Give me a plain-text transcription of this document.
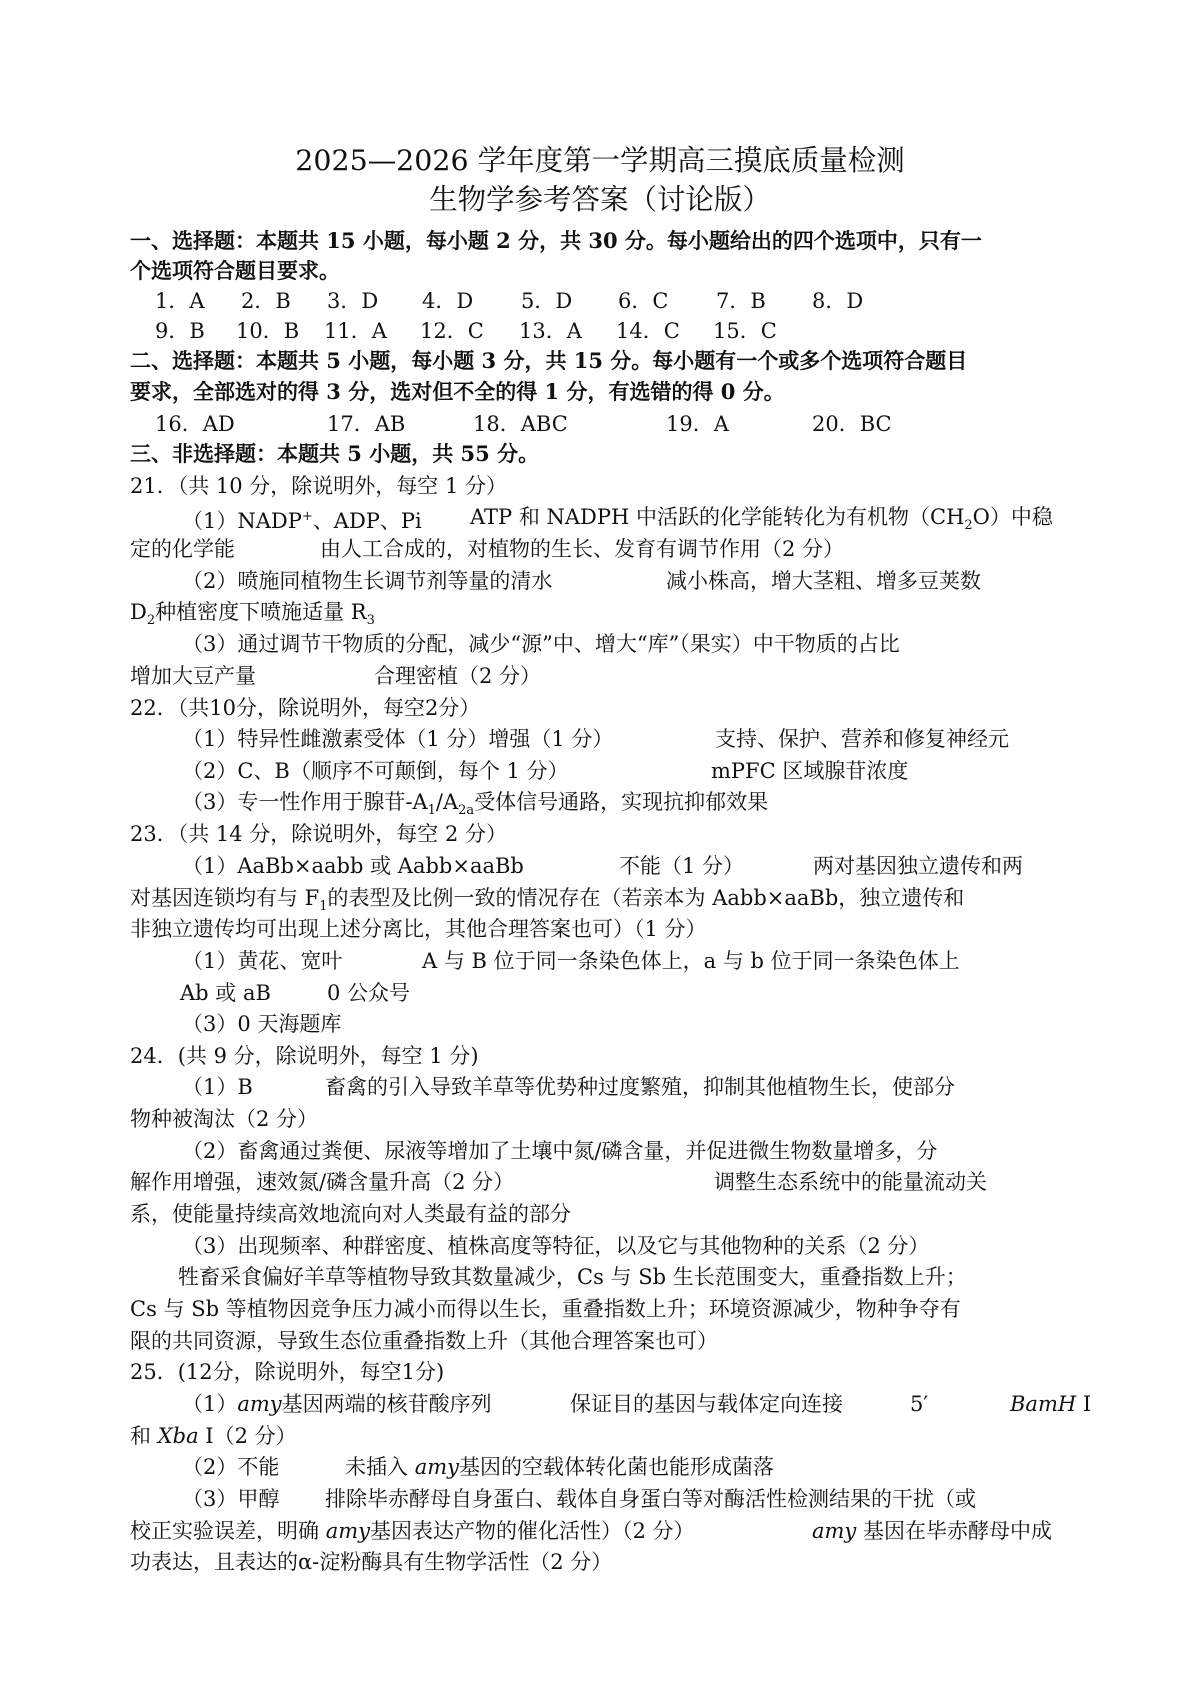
2025—2026 学年度第一学期高三摸底质量检测
生物学参考答案（讨论版）
一、选择题：本题共 15 小题，每小题 2 分，共 30 分。每小题给出的四个选项中，只有一
个选项符合题目要求。
1．A 2．B 3．D 4．D 5．D 6．C 7．B 8．D
9．B 10．B 11．A 12．C 13．A 14．C 15．C
二、选择题：本题共 5 小题，每小题 3 分，共 15 分。每小题有一个或多个选项符合题目
要求，全部选对的得 3 分，选对但不全的得 1 分，有选错的得 0 分。
16．AD	17．AB	18．ABC	19．A	20．BC
三、非选择题：本题共 5 小题，共 55 分。
21．（共 10 分，除说明外，每空 1 分）
（1）NADP+、ADP、Pi ATP 和 NADPH 中活跃的化学能转化为有机物$(CH_2O)$中稳
定的化学能	由人工合成的，对植物的生长、发育有调节作用（2 分）
（2）喷施同植物生长调节剂等量的清水	减小株高，增大茎粗、增多豆荚数
$D_2$种植密度下喷施适量 $R_3$
（3）通过调节干物质的分配，减少“源”中、增大“库”（果实）中干物质的占比
增加大豆产量	合理密植（2 分）
22．（共10分，除说明外，每空2分）
（1）特异性雌激素受体（1 分）增强（1 分）	支持、保护、营养和修复神经元
（2）C、B（顺序不可颠倒，每个 1 分）	mPFC 区域腺苷浓度
（3）专一性作用于腺苷$-A_1/A_{2a}$受体信号通路，实现抗抑郁效果
23．（共 14 分，除说明外，每空 2 分）
（1）AaBb×aabb 或 Aabb×aaBb	不能（1 分）	两对基因独立遗传和两
对基因连锁均有与 $F_1$的表型及比例一致的情况存在（若亲本为 Aabb×aaBb，独立遗传和
非独立遗传均可出现上述分离比，其他合理答案也可）（1 分）
（1）黄花、宽叶	A 与 B 位于同一条染色体上，a 与 b 位于同一条染色体上
Ab 或 aB	0 公众号
（3）0 天海题库
24．(共 9 分，除说明外，每空 1 分)
（1）B	畜禽的引入导致羊草等优势种过度繁殖，抑制其他植物生长，使部分
物种被淘汰（2 分）
（2）畜禽通过粪便、尿液等增加了土壤中氮/磷含量，并促进微生物数量增多，分
解作用增强，速效氮/磷含量升高（2 分）	调整生态系统中的能量流动关
系，使能量持续高效地流向对人类最有益的部分
（3）出现频率、种群密度、植株高度等特征，以及它与其他物种的关系（2 分）
牲畜采食偏好羊草等植物导致其数量减少，Cs 与 Sb 生长范围变大，重叠指数上升；
Cs 与 Sb 等植物因竞争压力减小而得以生长，重叠指数上升；环境资源减少，物种争夺有
限的共同资源，导致生态位重叠指数上升（其他合理答案也可）
25．(12分，除说明外，每空1分)
（1）amy基因两端的核苷酸序列	保证目的基因与载体定向连接	5′	BamH I
和 Xba I（2 分）
（2）不能	未插入 amy基因的空载体转化菌也能形成菌落
（3）甲醇 排除毕赤酵母自身蛋白、载体自身蛋白等对酶活性检测结果的干扰（或
校正实验误差，明确 amy基因表达产物的催化活性）（2 分）	amy 基因在毕赤酵母中成
功表达，且表达的α-淀粉酶具有生物学活性（2 分）
